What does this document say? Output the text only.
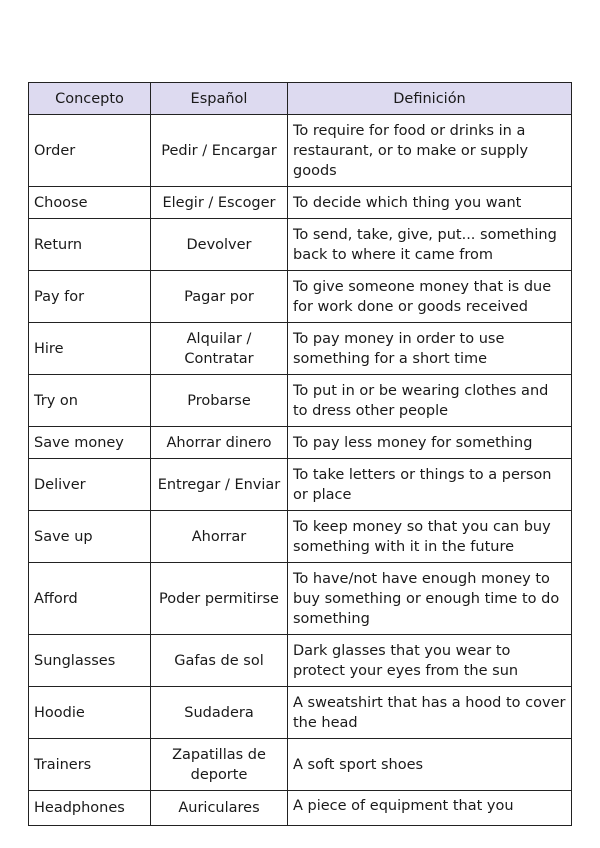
Concepto	Español	Definición
Order	Pedir / Encargar	To require for food or drinks in a restaurant, or to make or supply goods
Choose	Elegir / Escoger	To decide which thing you want
Return	Devolver	To send, take, give, put... something back to where it came from
Pay for	Pagar por	To give someone money that is due for work done or goods received
Hire	Alquilar / Contratar	To pay money in order to use something for a short time
Try on	Probarse	To put in or be wearing clothes and to dress other people
Save money	Ahorrar dinero	To pay less money for something
Deliver	Entregar / Enviar	To take letters or things to a person or place
Save up	Ahorrar	To keep money so that you can buy something with it in the future
Afford	Poder permitirse	To have/not have enough money to buy something or enough time to do something
Sunglasses	Gafas de sol	Dark glasses that you wear to protect your eyes from the sun
Hoodie	Sudadera	A sweatshirt that has a hood to cover the head
Trainers	Zapatillas de deporte	A soft sport shoes
Headphones	Auriculares	A piece of equipment that you
